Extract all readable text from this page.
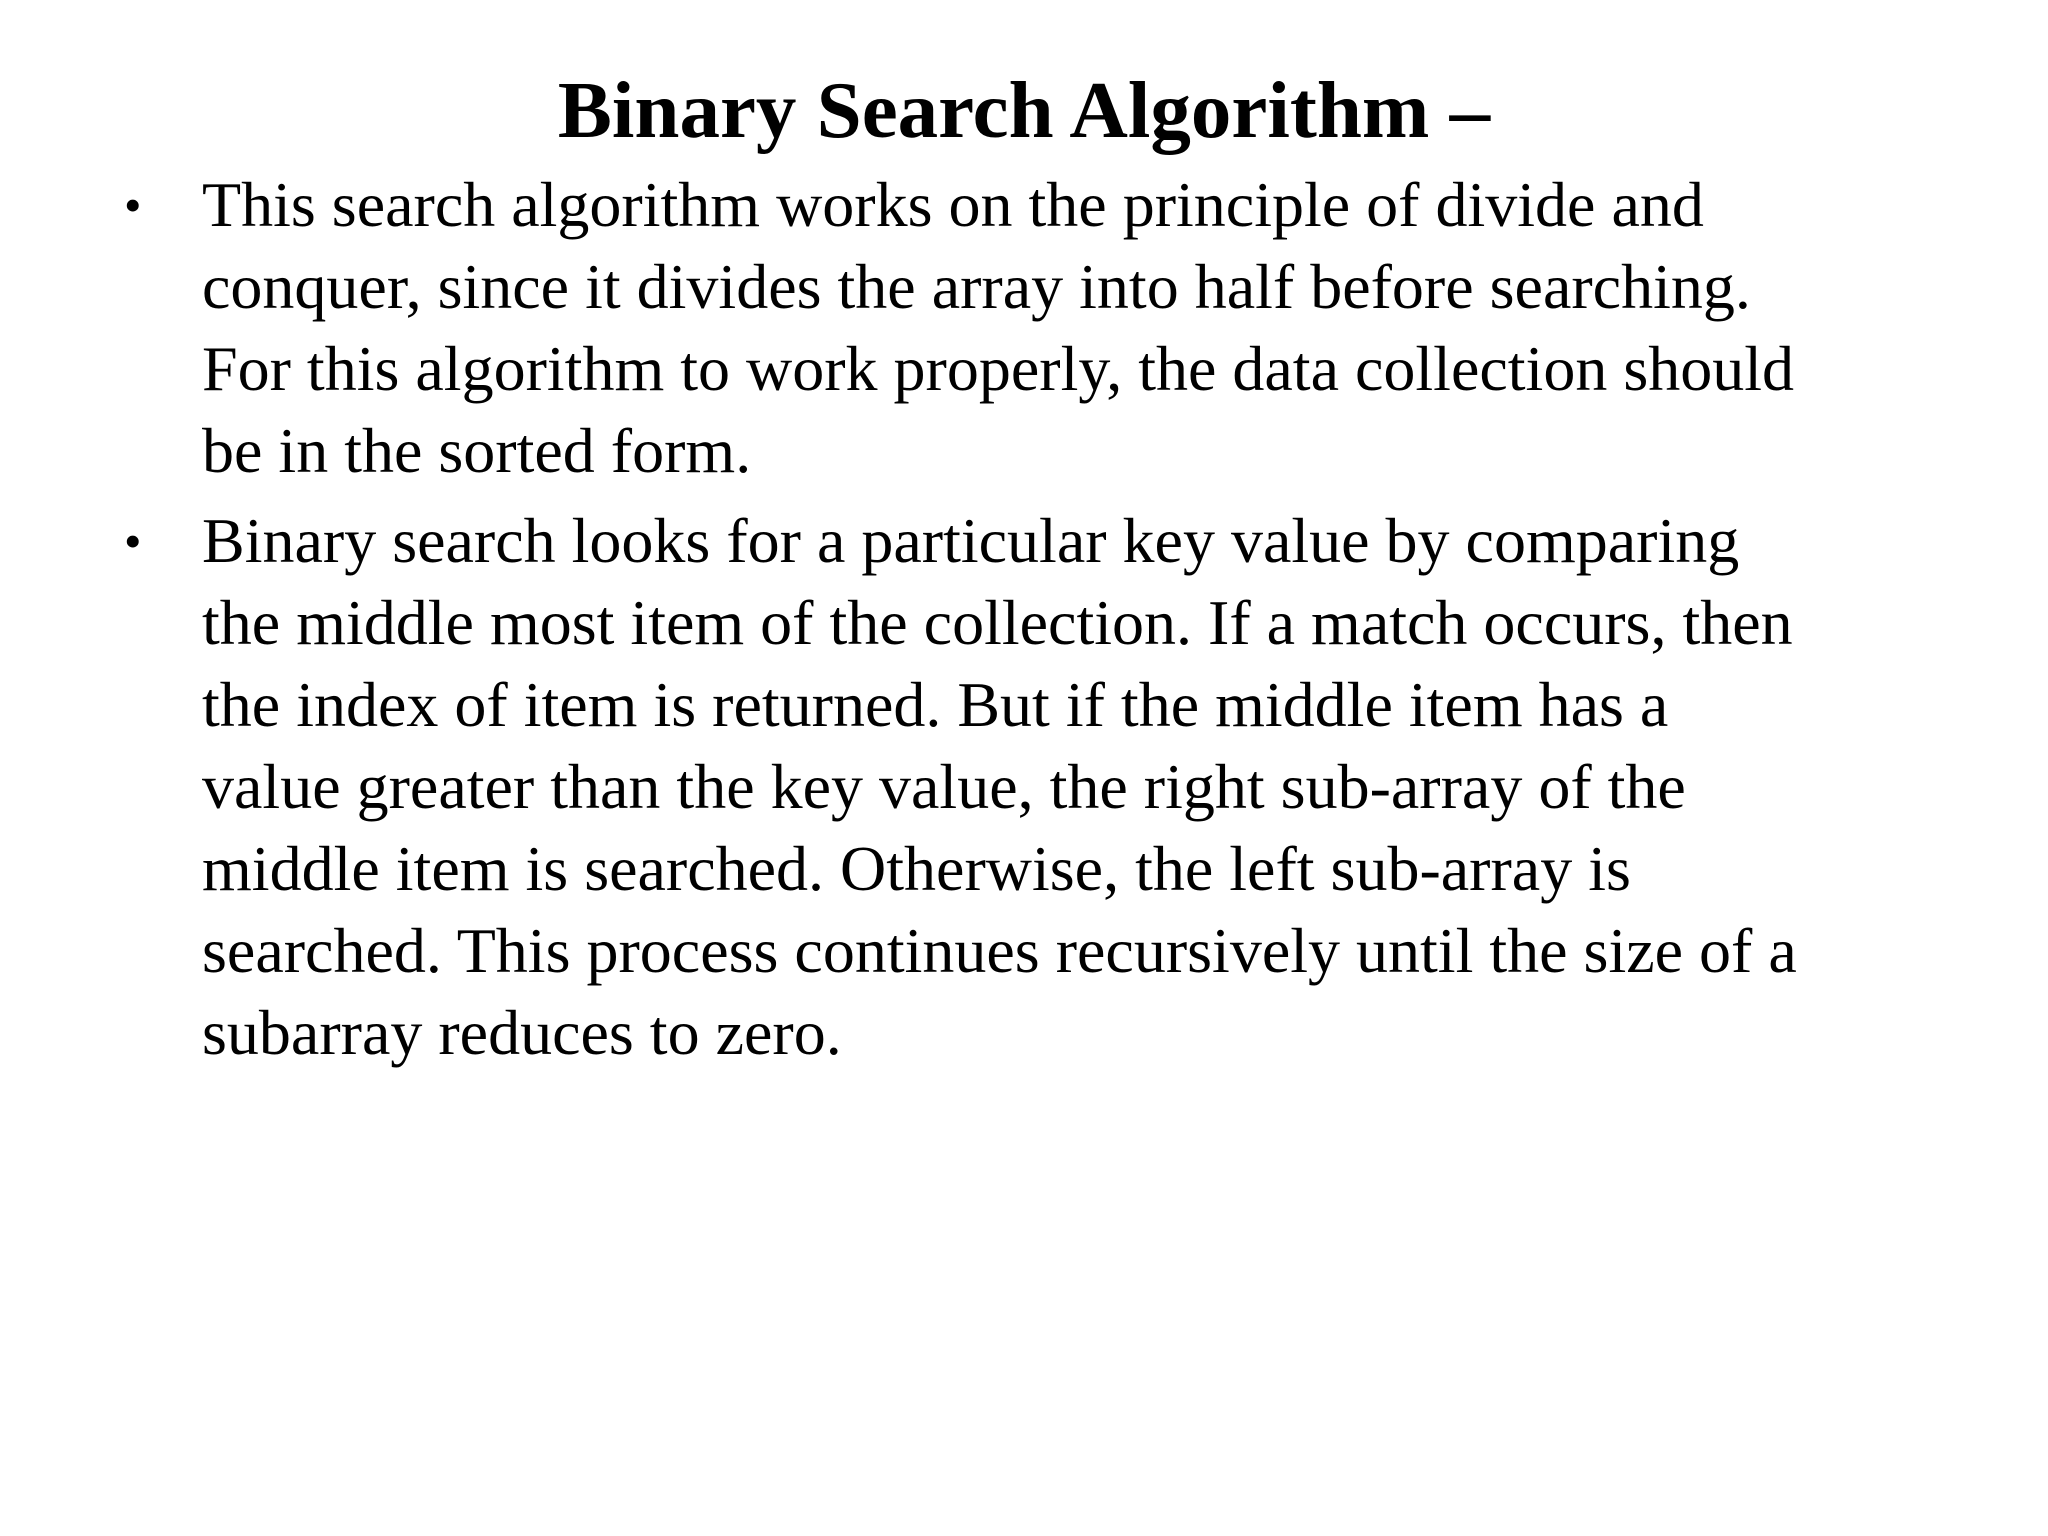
Binary Search Algorithm –
• This search algorithm works on the principle of divide and
conquer, since it divides the array into half before searching.
For this algorithm to work properly, the data collection should
be in the sorted form.
• Binary search looks for a particular key value by comparing
the middle most item of the collection. If a match occurs, then
the index of item is returned. But if the middle item has a
value greater than the key value, the right sub-array of the
middle item is searched. Otherwise, the left sub-array is
searched. This process continues recursively until the size of a
subarray reduces to zero.
